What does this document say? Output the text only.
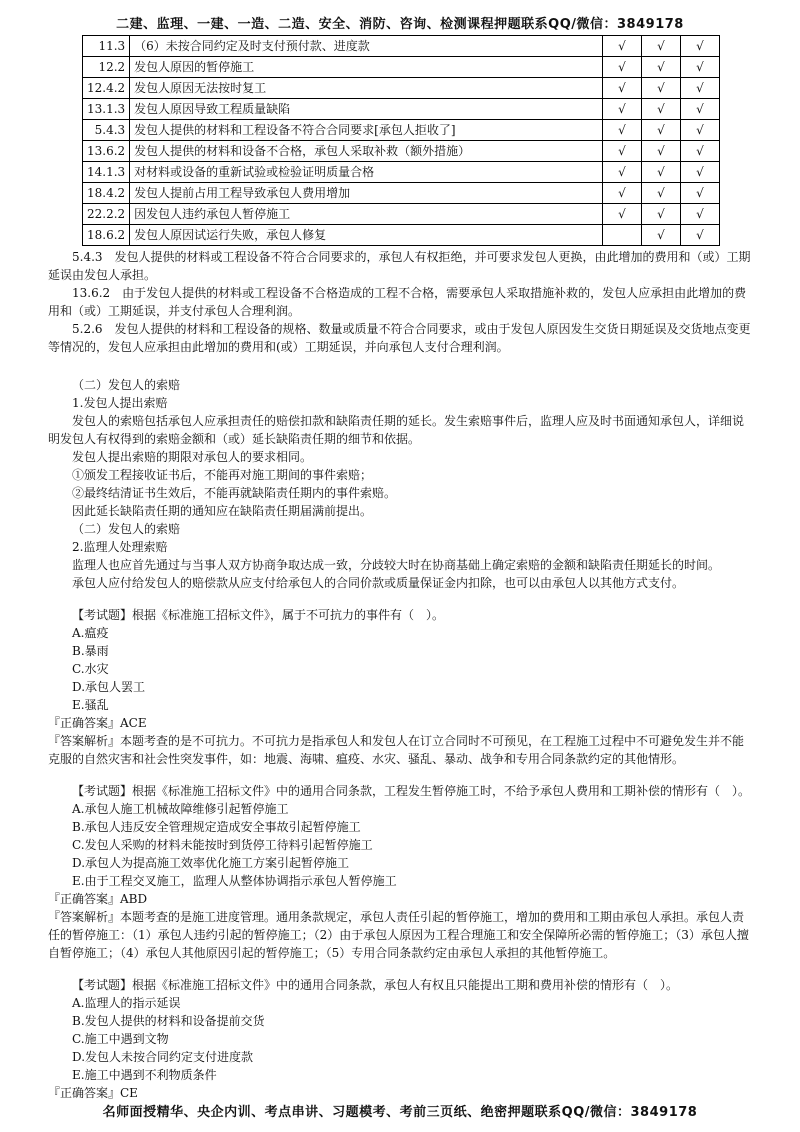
二建、监理、一建、一造、二造、安全、消防、咨询、检测课程押题联系QQ/微信：3849178
11.3	（6）未按合同约定及时支付预付款、进度款	√	√	√
12.2	发包人原因的暂停施工	√	√	√
12.4.2	发包人原因无法按时复工	√	√	√
13.1.3	发包人原因导致工程质量缺陷	√	√	√
5.4.3	发包人提供的材料和工程设备不符合合同要求[承包人拒收了]	√	√	√
13.6.2	发包人提供的材料和设备不合格，承包人采取补救（额外措施）	√	√	√
14.1.3	对材料或设备的重新试验或检验证明质量合格	√	√	√
18.4.2	发包人提前占用工程导致承包人费用增加	√	√	√
22.2.2	因发包人违约承包人暂停施工	√	√	√
18.6.2	发包人原因试运行失败，承包人修复		√	√

5.4.3　发包人提供的材料或工程设备不符合合同要求的，承包人有权拒绝，并可要求发包人更换，由此增加的费用和（或）工期延误由发包人承担。

13.6.2　由于发包人提供的材料或工程设备不合格造成的工程不合格，需要承包人采取措施补救的，发包人应承担由此增加的费用和（或）工期延误，并支付承包人合理利润。

5.2.6　发包人提供的材料和工程设备的规格、数量或质量不符合合同要求，或由于发包人原因发生交货日期延误及交货地点变更等情况的，发包人应承担由此增加的费用和(或）工期延误，并向承包人支付合理利润。

（二）发包人的索赔

1.发包人提出索赔

发包人的索赔包括承包人应承担责任的赔偿扣款和缺陷责任期的延长。发生索赔事件后，监理人应及时书面通知承包人，详细说明发包人有权得到的索赔金额和（或）延长缺陷责任期的细节和依据。

发包人提出索赔的期限对承包人的要求相同。

①颁发工程接收证书后，不能再对施工期间的事件索赔；

②最终结清证书生效后，不能再就缺陷责任期内的事件索赔。

因此延长缺陷责任期的通知应在缺陷责任期届满前提出。

（二）发包人的索赔

2.监理人处理索赔

监理人也应首先通过与当事人双方协商争取达成一致，分歧较大时在协商基础上确定索赔的金额和缺陷责任期延长的时间。

承包人应付给发包人的赔偿款从应支付给承包人的合同价款或质量保证金内扣除，也可以由承包人以其他方式支付。

【考试题】根据《标准施工招标文件》，属于不可抗力的事件有（　）。

A.瘟疫

B.暴雨

C.水灾

D.承包人罢工

E.骚乱

『正确答案』ACE

『答案解析』本题考查的是不可抗力。不可抗力是指承包人和发包人在订立合同时不可预见，在工程施工过程中不可避免发生并不能克服的自然灾害和社会性突发事件，如：地震、海啸、瘟疫、水灾、骚乱、暴动、战争和专用合同条款约定的其他情形。

【考试题】根据《标准施工招标文件》中的通用合同条款，工程发生暂停施工时，不给予承包人费用和工期补偿的情形有（　）。

A.承包人施工机械故障维修引起暂停施工

B.承包人违反安全管理规定造成安全事故引起暂停施工

C.发包人采购的材料未能按时到货停工待料引起暂停施工

D.承包人为提高施工效率优化施工方案引起暂停施工

E.由于工程交叉施工，监理人从整体协调指示承包人暂停施工

『正确答案』ABD

『答案解析』本题考查的是施工进度管理。通用条款规定，承包人责任引起的暂停施工，增加的费用和工期由承包人承担。承包人责任的暂停施工：（1）承包人违约引起的暂停施工；（2）由于承包人原因为工程合理施工和安全保障所必需的暂停施工；（3）承包人擅自暂停施工；（4）承包人其他原因引起的暂停施工；（5）专用合同条款约定由承包人承担的其他暂停施工。

【考试题】根据《标准施工招标文件》中的通用合同条款，承包人有权且只能提出工期和费用补偿的情形有（　）。

A.监理人的指示延误

B.发包人提供的材料和设备提前交货

C.施工中遇到文物

D.发包人未按合同约定支付进度款

E.施工中遇到不利物质条件

『正确答案』CE

名师面授精华、央企内训、考点串讲、习题模考、考前三页纸、绝密押题联系QQ/微信：3849178
